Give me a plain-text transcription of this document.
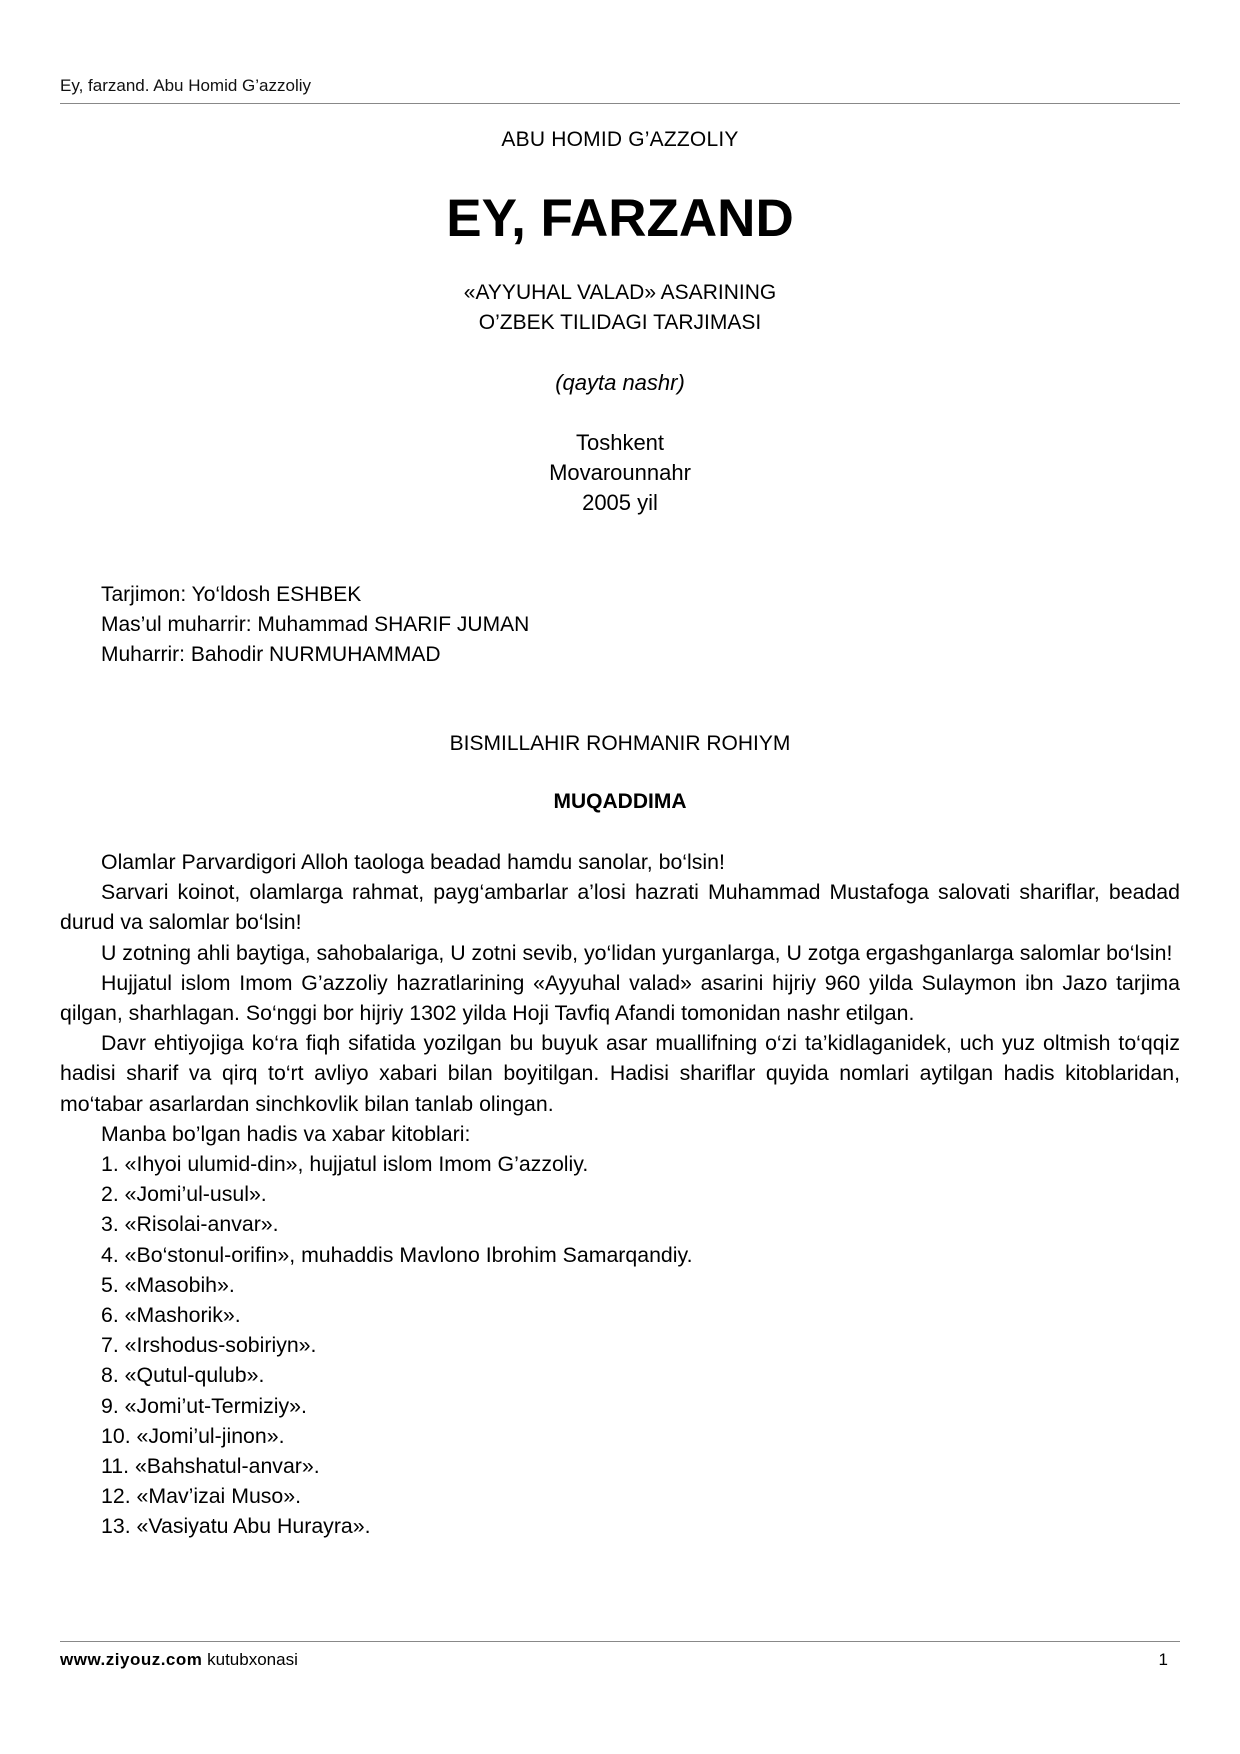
Ey, farzand. Abu Homid G’azzoliy
ABU HOMID G’AZZOLIY
EY, FARZAND
«AYYUHAL VALAD» ASARINING
O’ZBEK TILIDAGI TARJIMASI
(qayta nashr)
Toshkent
Movarounnahr
2005 yil
Tarjimon: Yo‘ldosh ESHBEK
Mas’ul muharrir: Muhammad SHARIF JUMAN
Muharrir: Bahodir NURMUHAMMAD
BISMILLAHIR ROHMANIR ROHIYM
MUQADDIMA

Olamlar Parvardigori Alloh taologa beadad hamdu sanolar, bo‘lsin!

Sarvari koinot, olamlarga rahmat, payg‘ambarlar a’losi hazrati Muhammad Mustafoga salovati shariflar, beadad durud va salomlar bo‘lsin!

U zotning ahli baytiga, sahobalariga, U zotni sevib, yo‘lidan yurganlarga, U zotga ergashganlarga salomlar bo‘lsin!

Hujjatul islom Imom G’azzoliy hazratlarining «Ayyuhal valad» asarini hijriy 960 yilda Sulaymon ibn Jazo tarjima qilgan, sharhlagan. So‘nggi bor hijriy 1302 yilda Hoji Tavfiq Afandi tomonidan nashr etilgan.

Davr ehtiyojiga ko‘ra fiqh sifatida yozilgan bu buyuk asar muallifning o‘zi ta’kidlaganidek, uch yuz oltmish to‘qqiz hadisi sharif va qirq to‘rt avliyo xabari bilan boyitilgan. Hadisi shariflar quyida nomlari aytilgan hadis kitoblaridan, mo‘tabar asarlardan sinchkovlik bilan tanlab olingan.

Manba bo’lgan hadis va xabar kitoblari:

1. «Ihyoi ulumid-din», hujjatul islom Imom G’azzoliy.
2. «Jomi’ul-usul».
3. «Risolai-anvar».
4. «Bo‘stonul-orifin», muhaddis Mavlono Ibrohim Samarqandiy.
5. «Masobih».
6. «Mashorik».
7. «Irshodus-sobiriyn».
8. «Qutul-qulub».
9. «Jomi’ut-Termiziy».
10. «Jomi’ul-jinon».
11. «Bahshatul-anvar».
12. «Mav’izai Muso».
13. «Vasiyatu Abu Hurayra».
www.ziyouz.com kutubxonasi	1
